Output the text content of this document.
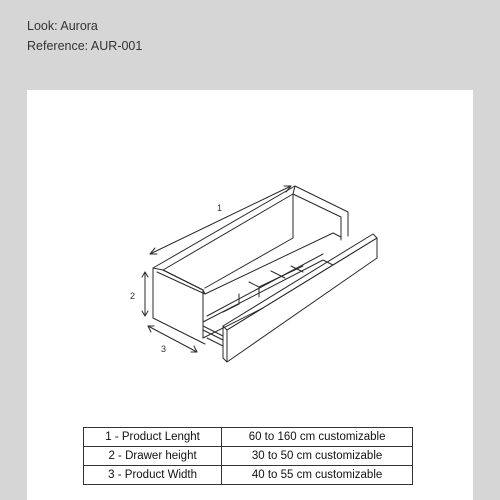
Look: Aurora
Reference: AUR-001
1
2
3
1 - Product Lenght	60 to 160 cm customizable
2 - Drawer height	30 to 50 cm customizable
3 - Product Width	40 to 55 cm customizable
